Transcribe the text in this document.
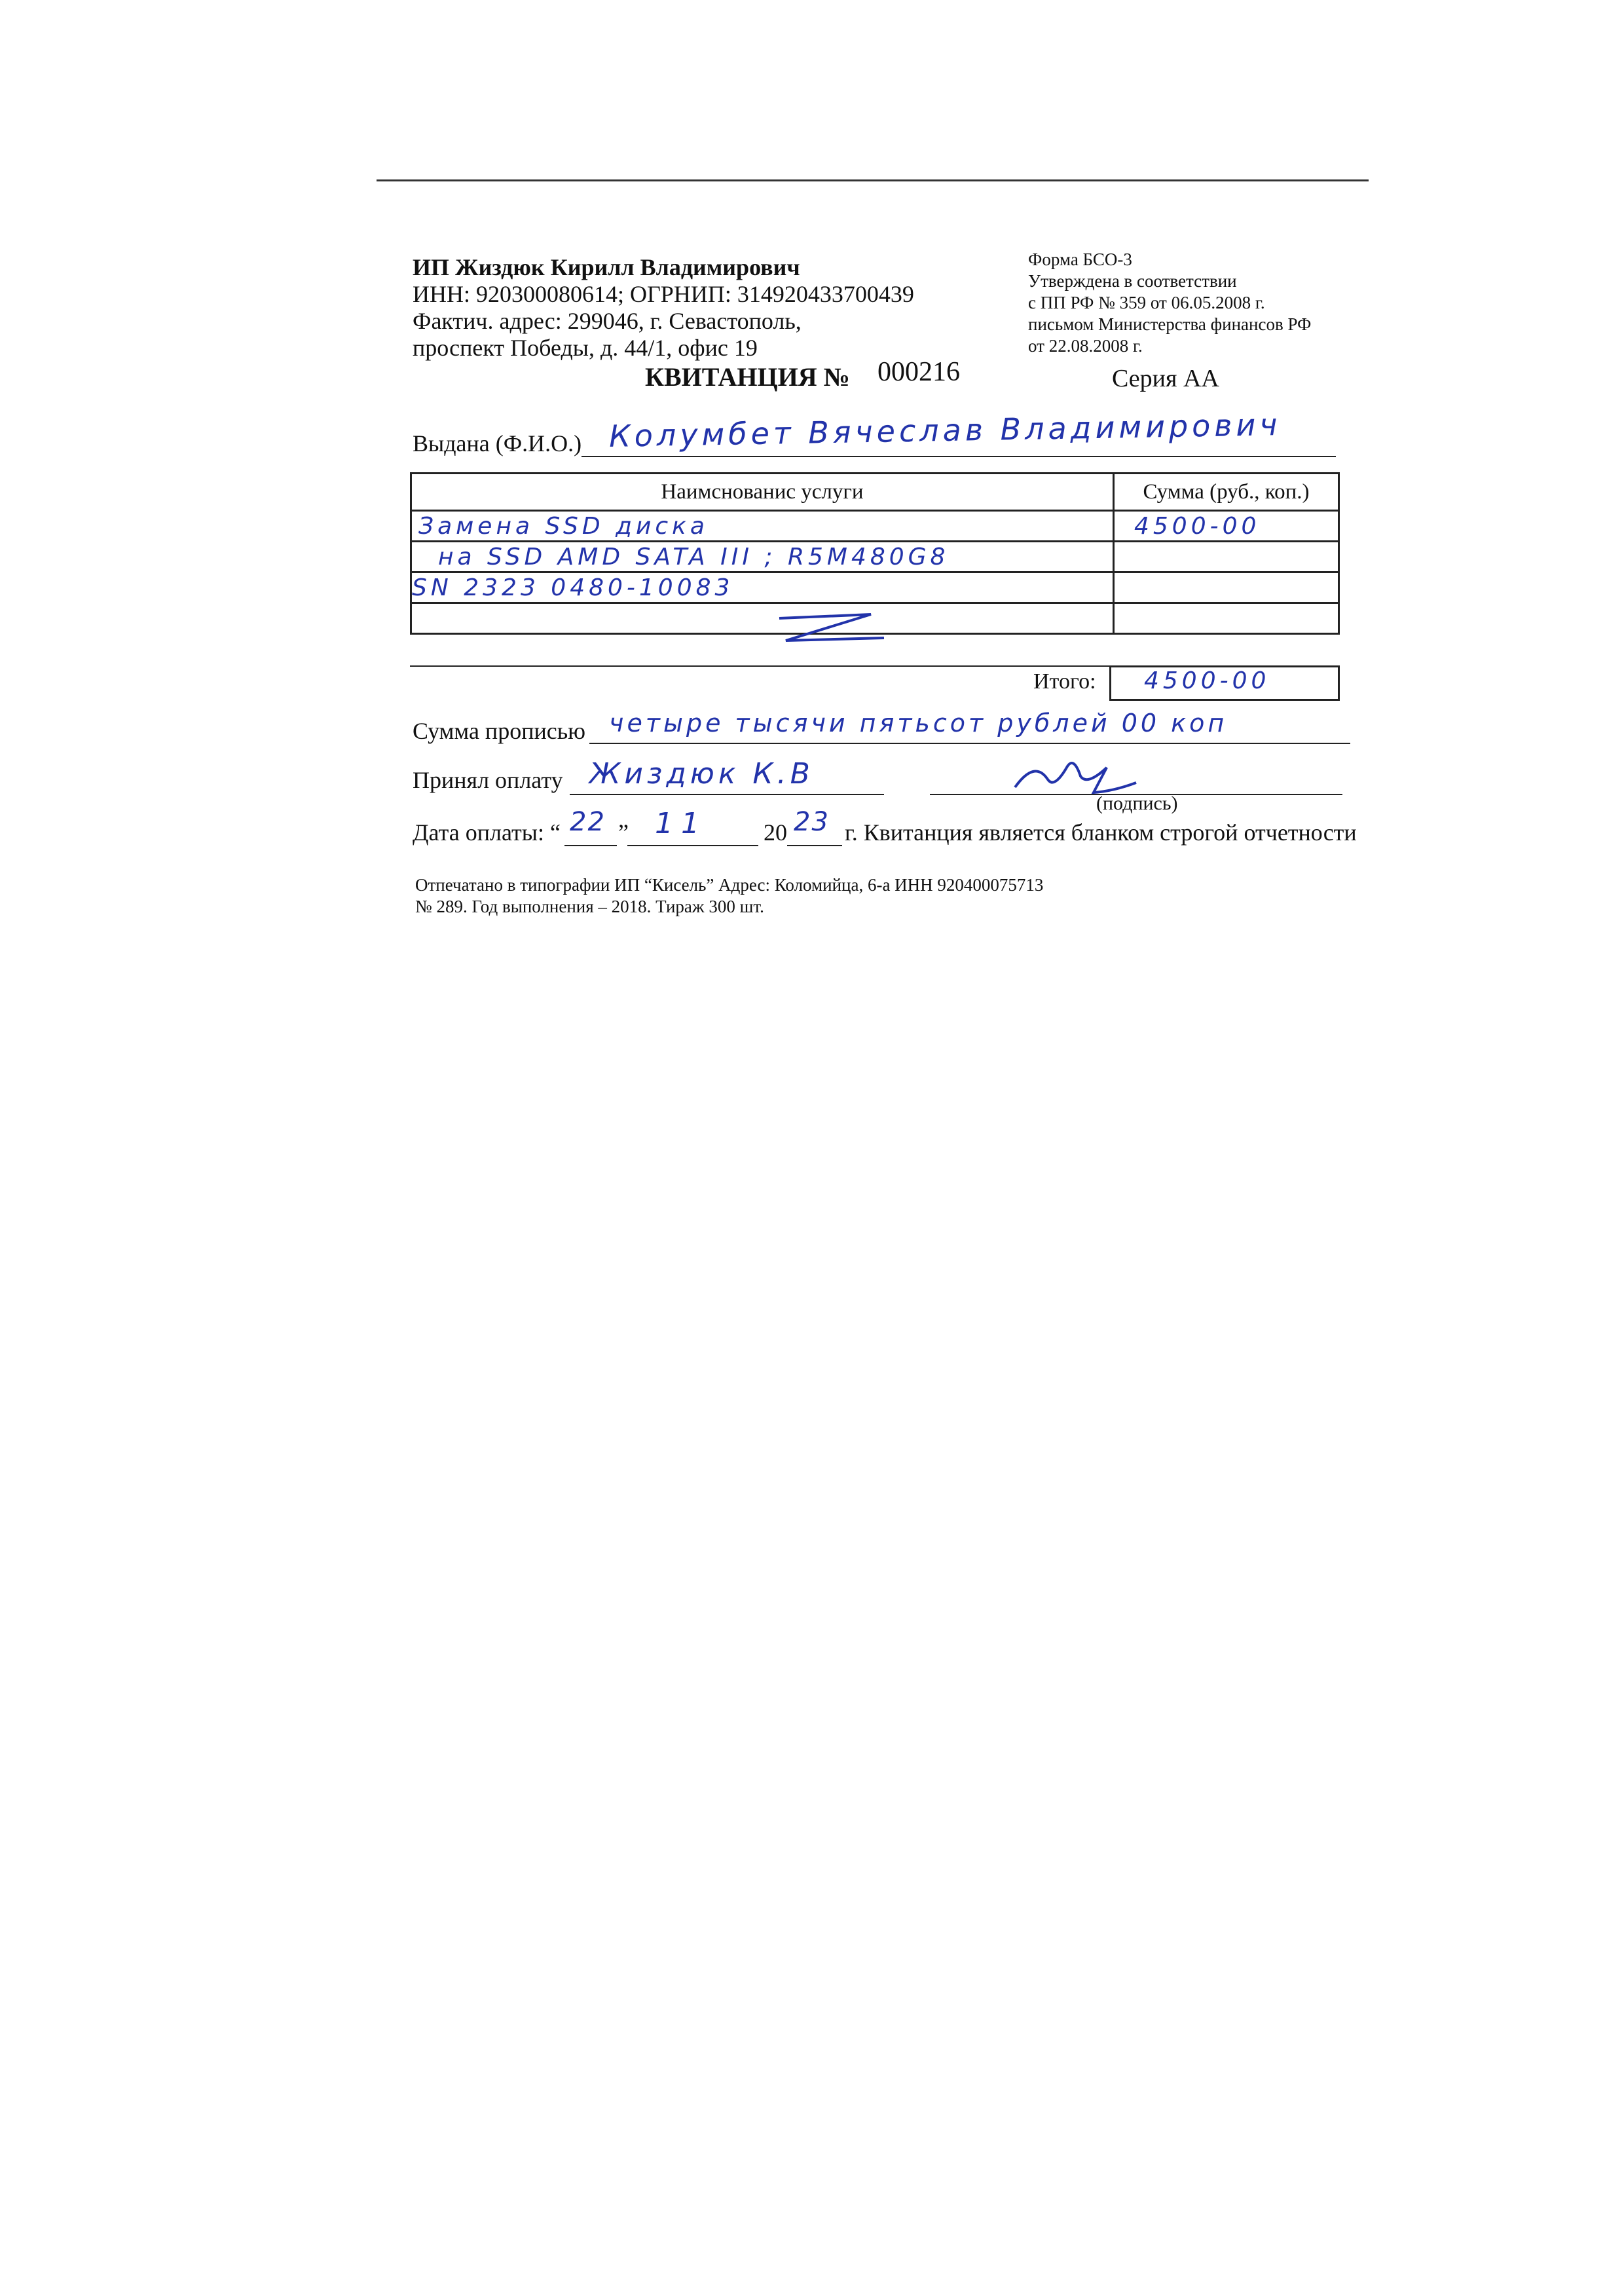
ИП Жиздюк Кирилл Владимирович
ИНН: 920300080614; ОГРНИП: 314920433700439
Фактич. адрес: 299046, г. Севастополь,
проспект Победы, д. 44/1, офис 19
Форма БСО-3
Утверждена в соответствии
с ПП РФ № 359 от 06.05.2008 г.
письмом Министерства финансов РФ
от 22.08.2008 г.
КВИТАНЦИЯ № 000216	Серия АА
Выдана (Ф.И.О.) Колумбет Вячеслав Владимирович
Наимснованис услуги	Сумма (руб., коп.)
Замена SSD диска	4500-00
на SSD AMD SATA III ; R5M480G8	
SN 2323 0480-10083	

Итого:	4500-00
Сумма прописью четыре тысячи пятьсот рублей 00 коп
Принял оплату Жиздюк К.В
(подпись)
Дата оплаты: “ 22 ” 11 20 23 г. Квитанция является бланком строгой отчетности
Отпечатано в типографии ИП “Кисель” Адрес: Коломийца, 6-а ИНН 920400075713
№ 289. Год выполнения – 2018. Тираж 300 шт.
